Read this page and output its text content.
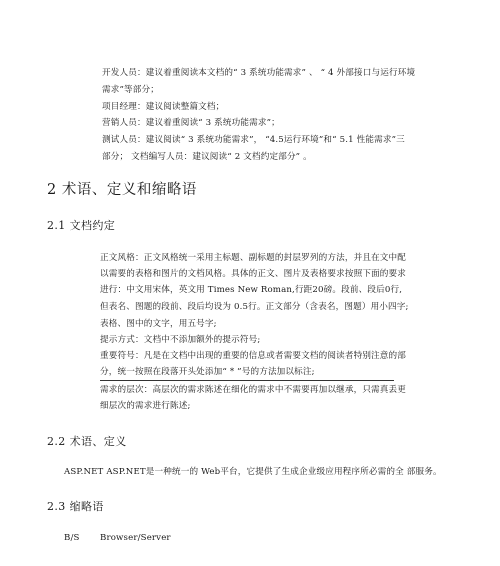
开发人员：建议着重阅读本文档的“ 3 系统功能需求” 、 “ 4 外部接口与运行环境
需求”等部分；
项目经理：建议阅读整篇文档；
营销人员：建议着重阅读“ 3 系统功能需求”；
测试人员：建议阅读“ 3 系统功能需求”， “4.5运行环境”和“ 5.1 性能需求”三
部分； 文档编写人员：建议阅读“ 2 文档约定部分” 。
2 术语、定义和缩略语
2.1 文档约定
正文风格：正文风格统一采用主标题、副标题的封层罗列的方法，并且在文中配
以需要的表格和图片的文档风格。具体的正文、图片及表格要求按照下面的要求
进行：中文用宋体，英文用 Times New Roman,行距20磅。段前、段后0行,
但表名、图题的段前、段后均设为 0.5行。正文部分（含表名，图题）用小四字;
表格、图中的文字，用五号字;
提示方式：文档中不添加额外的提示符号;
重要符号：凡是在文档中出现的重要的信息或者需要文档的阅读者特别注意的部
分，统一按照在段落开头处添加“ * ”号的方法加以标注;
需求的层次：高层次的需求陈述在细化的需求中不需要再加以继承，只需真丢更
细层次的需求进行陈述;
2.2 术语、定义
ASP.NET ASP.NET是一种统一的 Web平台，它提供了生成企业级应用程序所必需的全 部服务。
2.3 缩略语
B/S Browser/Server
